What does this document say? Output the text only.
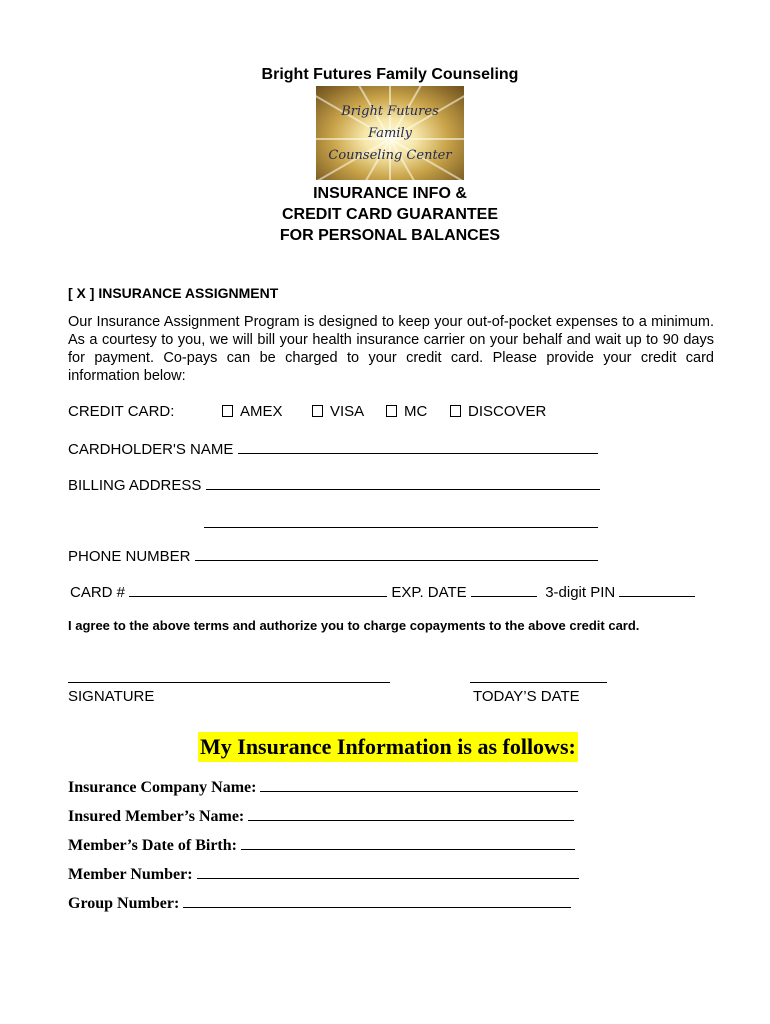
Bright Futures Family Counseling
Bright Futures
Family
Counseling Center
INSURANCE INFO &
CREDIT CARD GUARANTEE
FOR PERSONAL BALANCES
[ X ] INSURANCE ASSIGNMENT
Our Insurance Assignment Program is designed to keep your out-of-pocket expenses to a minimum. As a courtesy to you, we will bill your health insurance carrier on your behalf and wait up to 90 days for payment. Co-pays can be charged to your credit card. Please provide your credit card information below:
CREDIT CARD:	AMEX	VISA	MC	DISCOVER
CARDHOLDER'S NAME
BILLING ADDRESS
PHONE NUMBER
CARD #	EXP. DATE	3-digit PIN
I agree to the above terms and authorize you to charge copayments to the above credit card.
SIGNATURE	TODAY’S DATE
My Insurance Information is as follows:
Insurance Company Name:
Insured Member’s Name:
Member’s Date of Birth:
Member Number:
Group Number:
